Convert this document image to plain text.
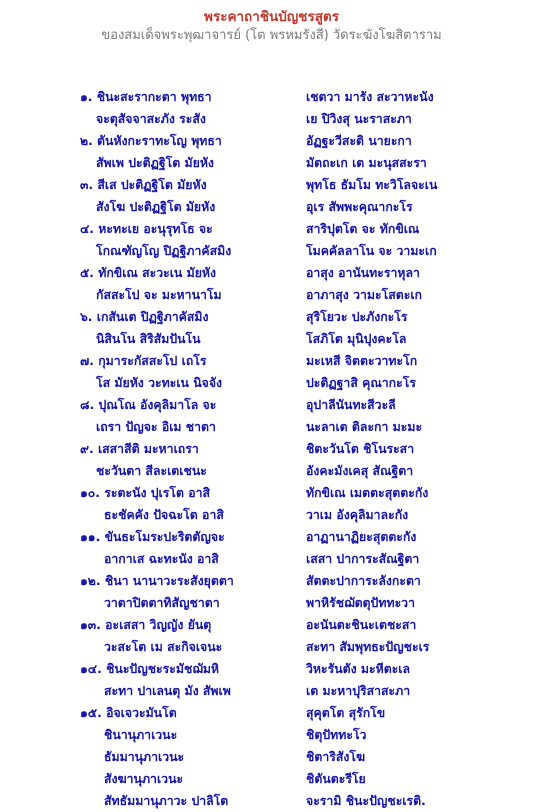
พระคาถาชินบัญชรสูตร
ของสมเด็จพระพุฒาจารย์ (โต พรหมรังสี) วัดระฆังโฆสิตาราม
๑. ชินะสะรากะตา พุทธา	เชตวา มารัง สะวาหะนัง
จะตุสัจจาสะภัง ระสัง	เย ปิวิงสุ นะราสะภา
๒. ตันหังกะราทะโญ พุทธา	อัฏฐะวีสะติ นายะกา
สัพเพ ปะติฏฐิโต มัยหัง	มัตถะเก เต มะนุสสะรา
๓. สีเส ปะติฏฐิโต มัยหัง	พุทโธ ธัมโม ทะวิโลจะเน
สังโฆ ปะติฏฐิโต มัยหัง	อุเร สัพพะคุณากะโร
๔. หะทะเย อะนุรุทโธ จะ	สาริปุตโต จะ ทักขิเณ
โกณฑัญโญ ปิฏฐิภาคัสมิง	โมคคัลลาโน จะ วามะเก
๕. ทักขิเณ สะวะเน มัยหัง	อาสุง อานันทะราหุลา
กัสสะโป จะ มะหานาโม	อาภาสุง วามะโสตะเก
๖. เกสันเต ปิฏฐิภาคัสมิง	สุริโยวะ ปะภังกะโร
นิสินโน สิริสัมปันโน	โสภิโต มุนิปุงคะโล
๗. กุมาระกัสสะโป เถโร	มะเหสี จิตตะวาทะโก
โส มัยหัง วะทะเน นิจจัง	ปะติฏฐาสิ คุณากะโร
๘. ปุณโณ อังคุลิมาโล จะ	อุปาลีนันทะสีวะลี
เถรา ปัญจะ อิเม ชาตา	นะลาเต ติละกา มะมะ
๙. เสสาสีติ มะหาเถรา	ชิตะวันโต ชิโนระสา
ชะวันตา สีละเตเชนะ	อังคะมังเคสุ สัณฐิตา
๑๐. ระตะนัง ปุเรโต อาสิ	ทักขิเณ เมตตะสุตตะกัง
ธะชัคคัง ปัจฉะโต อาสิ	วาเม อังคุลิมาละกัง
๑๑. ขันธะโมระปะริตตัญจะ	อาฏานาฏิยะสุตตะกัง
อากาเส ฉะทะนัง อาสิ	เสสา ปาการะสัณฐิตา
๑๒. ชินา นานาวะระสังยุตตา	สัตตะปาการะลังกะตา
วาตาปิตตาทิสัญชาตา	พาหิรัชฌัตตุปัททะวา
๑๓. อะเสสา วิญญัง ยันตุ	อะนันตะชินะเตชะสา
วะสะโต เม สะกิจเจนะ	สะทา สัมพุทธะปัญชะเร
๑๔. ชินะปัญชะระมัชฌัมหิ	วิหะรันตัง มะหีตะเล
สะทา ปาเลนตุ มัง สัพเพ	เต มะหาปุริสาสะภา
๑๕. อิจเจวะมันโต	สุคุตโต สุรักโข
ชินานุภาเวนะ	ชิตุปัททะโว
ธัมมานุภาเวนะ	ชิตาริสังโฆ
สังฆานุภาเวนะ	ชิตันตะรีโย
สัทธัมมานุภาวะ ปาลิโต	จะรามิ ชินะปัญชะเรติ.
